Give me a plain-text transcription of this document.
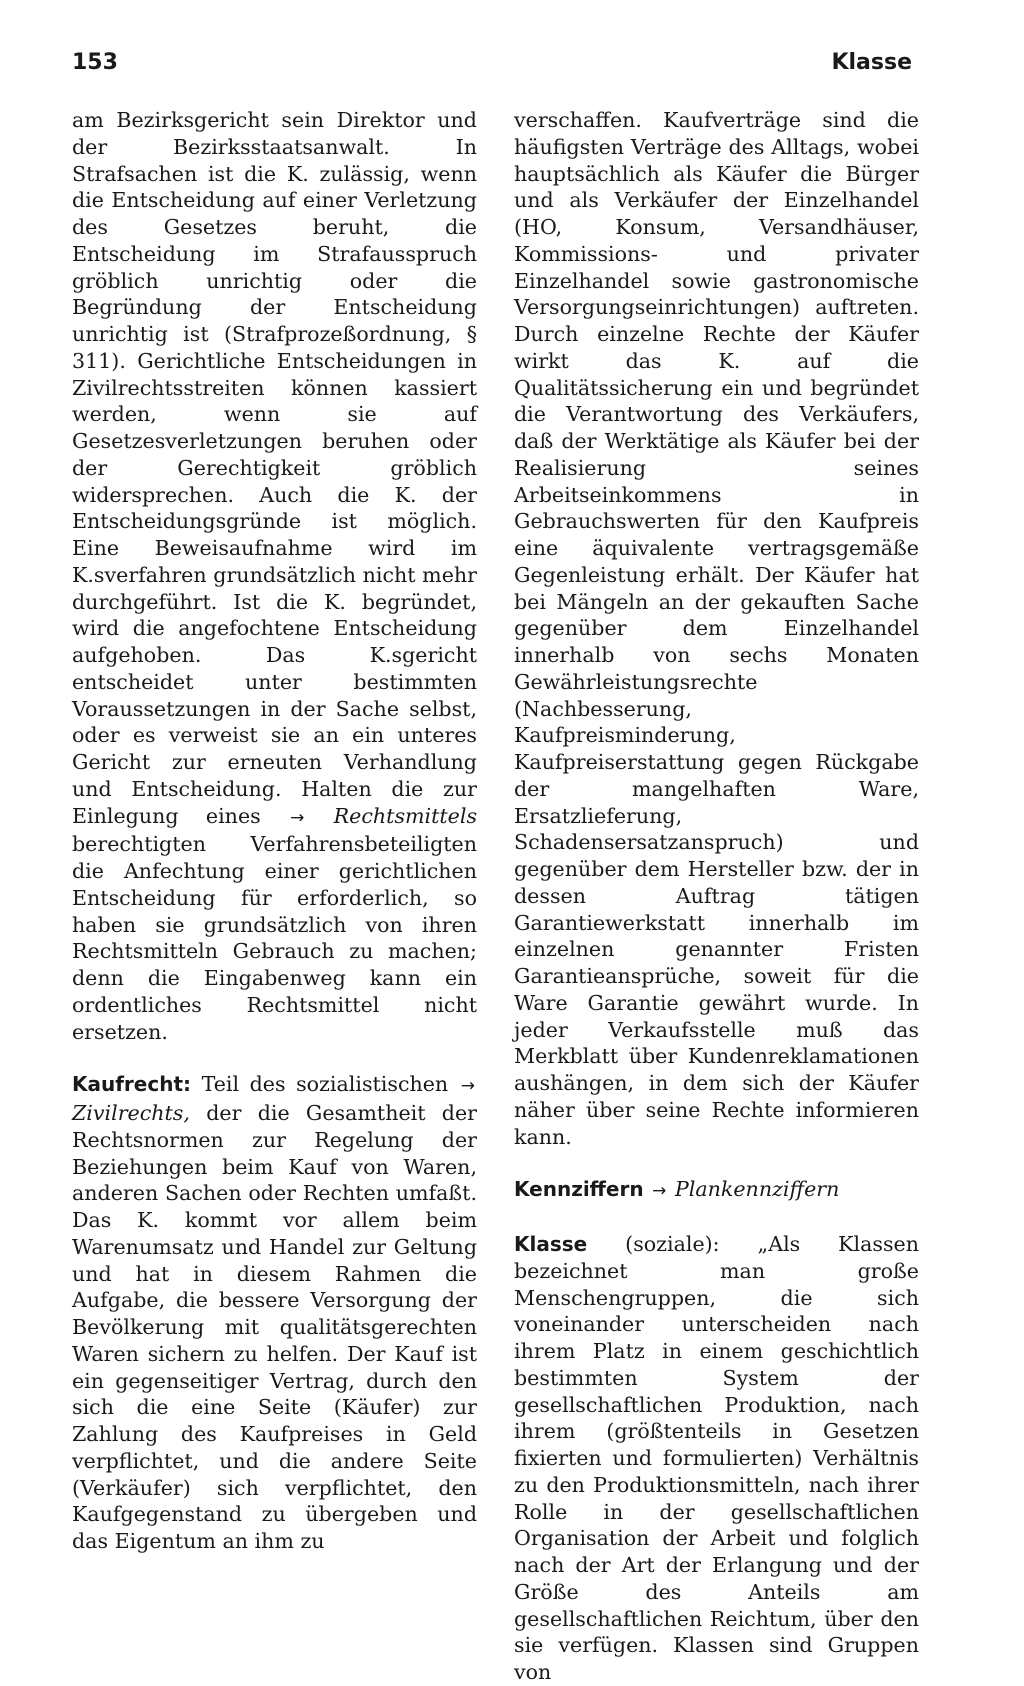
153	Klasse

am Bezirksgericht sein Direktor und der Bezirksstaatsanwalt. In Strafsachen ist die K. zulässig, wenn die Entscheidung auf einer Verletzung des Gesetzes beruht, die Entscheidung im Strafausspruch gröblich unrichtig oder die Begründung der Entscheidung unrichtig ist (Strafprozeßordnung, § 311). Gerichtliche Entscheidungen in Zivilrechtsstreiten können kassiert werden, wenn sie auf Gesetzesverletzungen beruhen oder der Gerechtigkeit gröblich widersprechen. Auch die K. der Entscheidungsgründe ist möglich. Eine Beweisaufnahme wird im K.sverfahren grundsätzlich nicht mehr durchgeführt. Ist die K. begründet, wird die angefochtene Entscheidung aufgehoben. Das K.sgericht entscheidet unter bestimmten Voraussetzungen in der Sache selbst, oder es verweist sie an ein unteres Gericht zur erneuten Verhandlung und Entscheidung. Halten die zur Einlegung eines → Rechtsmittels berechtigten Verfahrensbeteiligten die Anfechtung einer gerichtlichen Entscheidung für erforderlich, so haben sie grundsätzlich von ihren Rechtsmitteln Gebrauch zu machen; denn die Eingabenweg kann ein ordentliches Rechtsmittel nicht ersetzen.

Kaufrecht: Teil des sozialistischen → Zivilrechts, der die Gesamtheit der Rechtsnormen zur Regelung der Beziehungen beim Kauf von Waren, anderen Sachen oder Rechten umfaßt. Das K. kommt vor allem beim Warenumsatz und Handel zur Geltung und hat in diesem Rahmen die Aufgabe, die bessere Versorgung der Bevölkerung mit qualitätsgerechten Waren sichern zu helfen. Der Kauf ist ein gegenseitiger Vertrag, durch den sich die eine Seite (Käufer) zur Zahlung des Kaufpreises in Geld verpflichtet, und die andere Seite (Verkäufer) sich verpflichtet, den Kaufgegenstand zu übergeben und das Eigentum an ihm zu

verschaffen. Kaufverträge sind die häufigsten Verträge des Alltags, wobei hauptsächlich als Käufer die Bürger und als Verkäufer der Einzelhandel (HO, Konsum, Versandhäuser, Kommissions- und privater Einzelhandel sowie gastronomische Versorgungseinrichtungen) auftreten. Durch einzelne Rechte der Käufer wirkt das K. auf die Qualitätssicherung ein und begründet die Verantwortung des Verkäufers, daß der Werktätige als Käufer bei der Realisierung seines Arbeitseinkommens in Gebrauchswerten für den Kaufpreis eine äquivalente vertragsgemäße Gegenleistung erhält. Der Käufer hat bei Mängeln an der gekauften Sache gegenüber dem Einzelhandel innerhalb von sechs Monaten Gewährleistungsrechte (Nachbesserung, Kaufpreisminderung, Kaufpreiserstattung gegen Rückgabe der mangelhaften Ware, Ersatzlieferung, Schadensersatzanspruch) und gegenüber dem Hersteller bzw. der in dessen Auftrag tätigen Garantiewerkstatt innerhalb im einzelnen genannter Fristen Garantieansprüche, soweit für die Ware Garantie gewährt wurde. In jeder Verkaufsstelle muß das Merkblatt über Kundenreklamationen aushängen, in dem sich der Käufer näher über seine Rechte informieren kann.

Kennziffern → Plankennziffern

Klasse (soziale): „Als Klassen bezeichnet man große Menschengruppen, die sich voneinander unterscheiden nach ihrem Platz in einem geschichtlich bestimmten System der gesellschaftlichen Produktion, nach ihrem (größtenteils in Gesetzen fixierten und formulierten) Verhältnis zu den Produktionsmitteln, nach ihrer Rolle in der gesellschaftlichen Organisation der Arbeit und folglich nach der Art der Erlangung und der Größe des Anteils am gesellschaftlichen Reichtum, über den sie verfügen. Klassen sind Gruppen von
